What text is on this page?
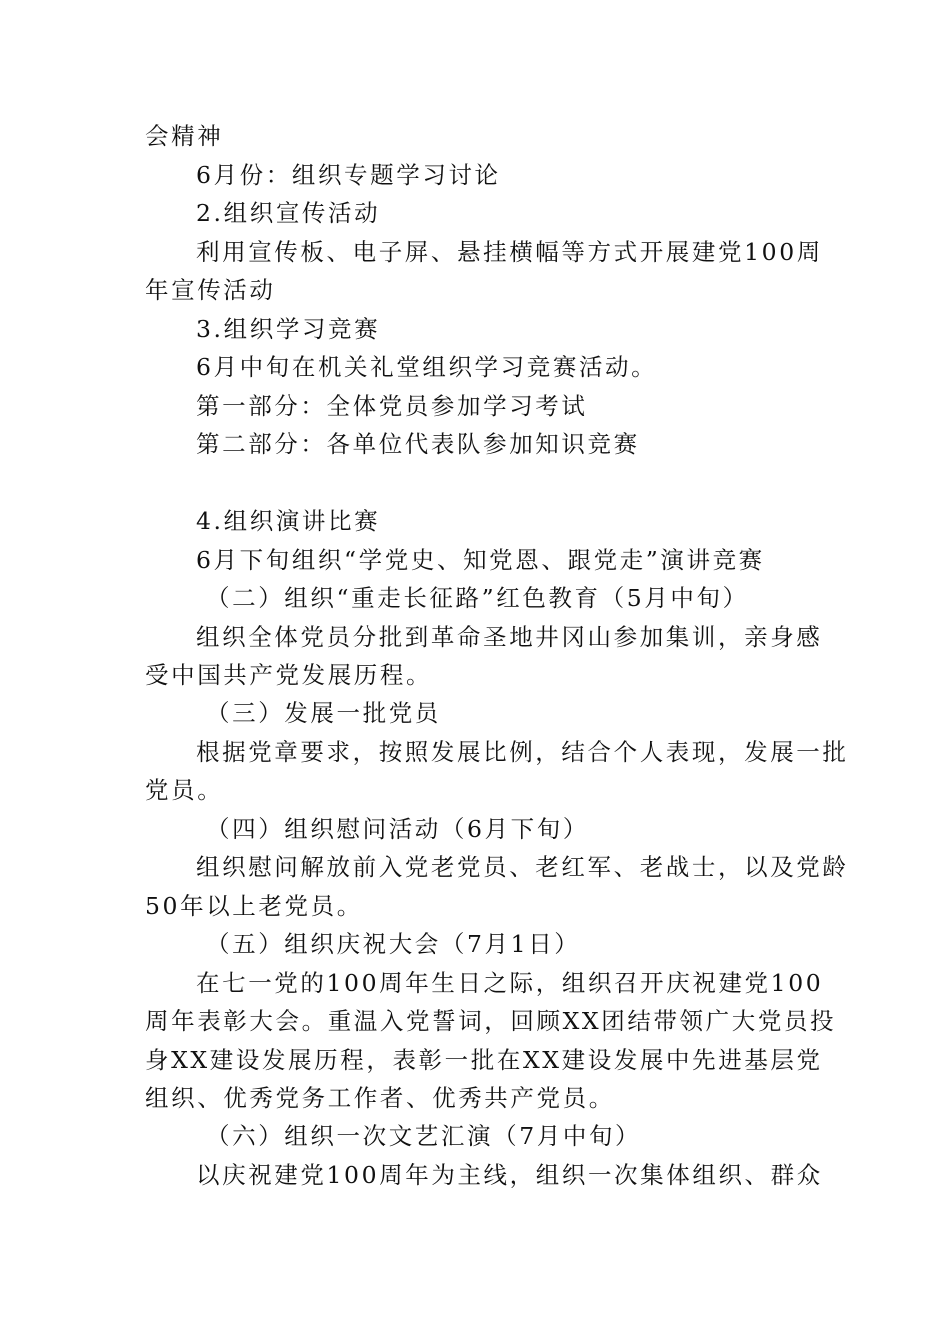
会精神
6月份：组织专题学习讨论
2.组织宣传活动
利用宣传板、电子屏、悬挂横幅等方式开展建党100周
年宣传活动
3.组织学习竞赛
6月中旬在机关礼堂组织学习竞赛活动。
第一部分：全体党员参加学习考试
第二部分：各单位代表队参加知识竞赛
4.组织演讲比赛
6月下旬组织“学党史、知党恩、跟党走”演讲竞赛
（二）组织“重走长征路”红色教育（5月中旬）
组织全体党员分批到革命圣地井冈山参加集训，亲身感
受中国共产党发展历程。
（三）发展一批党员
根据党章要求，按照发展比例，结合个人表现，发展一批
党员。
（四）组织慰问活动（6月下旬）
组织慰问解放前入党老党员、老红军、老战士，以及党龄
50年以上老党员。
（五）组织庆祝大会（7月1日）
在七一党的100周年生日之际，组织召开庆祝建党100
周年表彰大会。重温入党誓词，回顾XX团结带领广大党员投
身XX建设发展历程，表彰一批在XX建设发展中先进基层党
组织、优秀党务工作者、优秀共产党员。
（六）组织一次文艺汇演（7月中旬）
以庆祝建党100周年为主线，组织一次集体组织、群众
